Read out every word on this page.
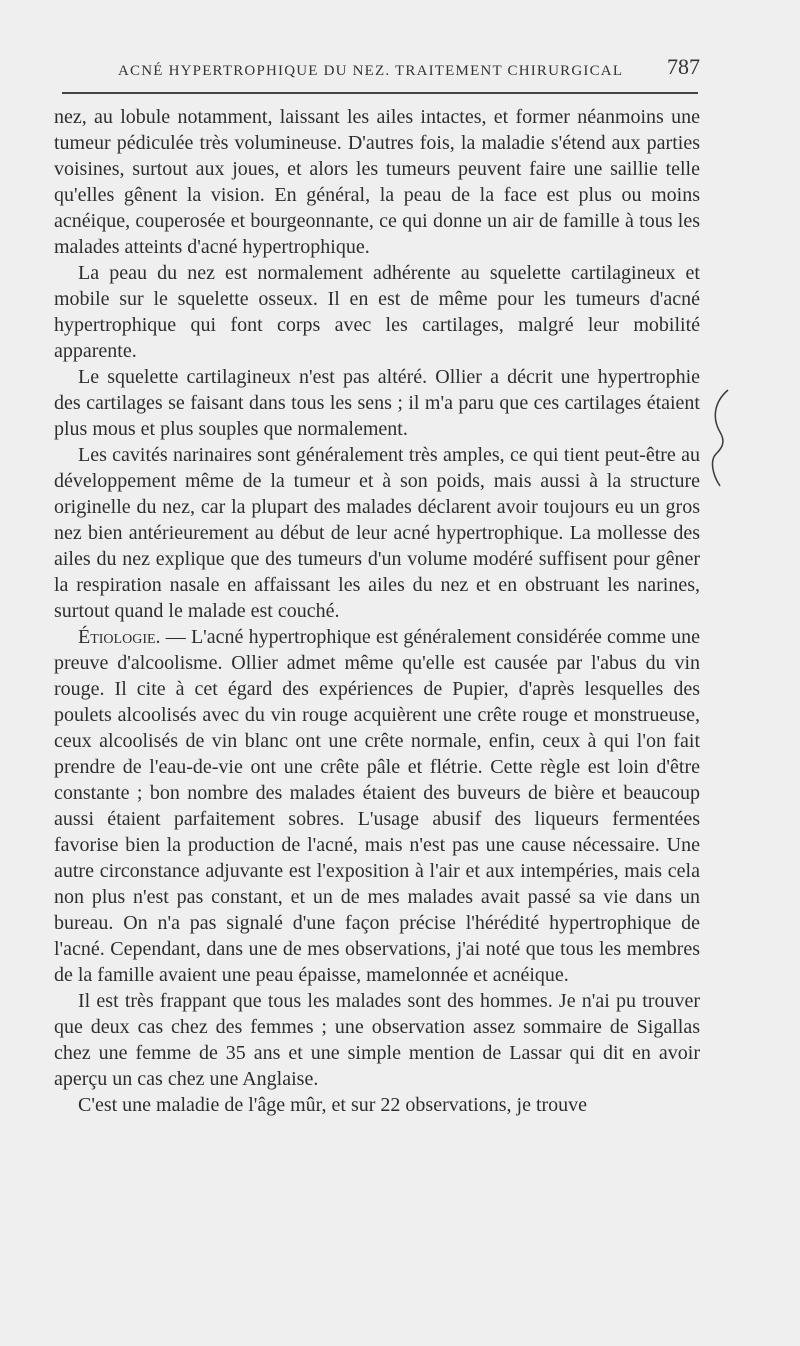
ACNÉ HYPERTROPHIQUE DU NEZ. TRAITEMENT CHIRURGICAL 787

nez, au lobule notamment, laissant les ailes intactes, et former néanmoins une tumeur pédiculée très volumineuse. D'autres fois, la maladie s'étend aux parties voisines, surtout aux joues, et alors les tumeurs peuvent faire une saillie telle qu'elles gênent la vision. En général, la peau de la face est plus ou moins acnéique, couperosée et bourgeonnante, ce qui donne un air de famille à tous les malades atteints d'acné hypertrophique.

La peau du nez est normalement adhérente au squelette cartilagineux et mobile sur le squelette osseux. Il en est de même pour les tumeurs d'acné hypertrophique qui font corps avec les cartilages, malgré leur mobilité apparente.

Le squelette cartilagineux n'est pas altéré. Ollier a décrit une hypertrophie des cartilages se faisant dans tous les sens ; il m'a paru que ces cartilages étaient plus mous et plus souples que normalement.

Les cavités narinaires sont généralement très amples, ce qui tient peut-être au développement même de la tumeur et à son poids, mais aussi à la structure originelle du nez, car la plupart des malades déclarent avoir toujours eu un gros nez bien antérieurement au début de leur acné hypertrophique. La mollesse des ailes du nez explique que des tumeurs d'un volume modéré suffisent pour gêner la respiration nasale en affaissant les ailes du nez et en obstruant les narines, surtout quand le malade est couché.

Étiologie. — L'acné hypertrophique est généralement considérée comme une preuve d'alcoolisme. Ollier admet même qu'elle est causée par l'abus du vin rouge. Il cite à cet égard des expériences de Pupier, d'après lesquelles des poulets alcoolisés avec du vin rouge acquièrent une crête rouge et monstrueuse, ceux alcoolisés de vin blanc ont une crête normale, enfin, ceux à qui l'on fait prendre de l'eau-de-vie ont une crête pâle et flétrie. Cette règle est loin d'être constante ; bon nombre des malades étaient des buveurs de bière et beaucoup aussi étaient parfaitement sobres. L'usage abusif des liqueurs fermentées favorise bien la production de l'acné, mais n'est pas une cause nécessaire. Une autre circonstance adjuvante est l'exposition à l'air et aux intempéries, mais cela non plus n'est pas constant, et un de mes malades avait passé sa vie dans un bureau. On n'a pas signalé d'une façon précise l'hérédité hypertrophique de l'acné. Cependant, dans une de mes observations, j'ai noté que tous les membres de la famille avaient une peau épaisse, mamelonnée et acnéique.

Il est très frappant que tous les malades sont des hommes. Je n'ai pu trouver que deux cas chez des femmes ; une observation assez sommaire de Sigallas chez une femme de 35 ans et une simple mention de Lassar qui dit en avoir aperçu un cas chez une Anglaise.

C'est une maladie de l'âge mûr, et sur 22 observations, je trouve
